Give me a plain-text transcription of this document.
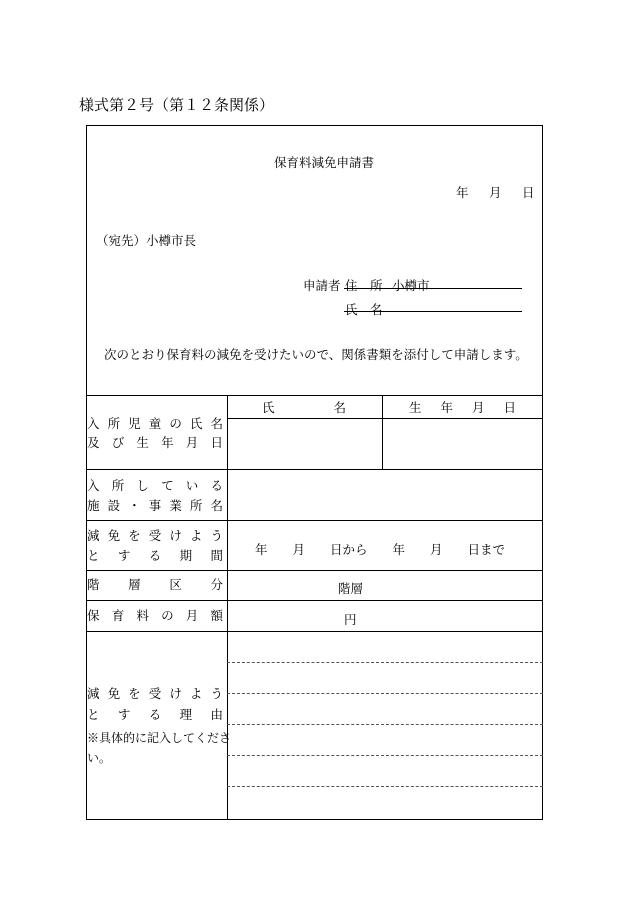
様式第２号（第１２条関係）
保育料減免申請書
年 月 日
（宛先）小樽市長
申請者 住　所 小樽市
氏　名
次のとおり保育料の減免を受けたいので、関係書類を添付して申請します。
入 所 児 童 の 氏 名
及 び 生 年 月 日
氏	名	生 年 月 日
入 所 し て い る
施 設 ・ 事 業 所 名
減 免 を 受 け よ う
と す る 期 間	年　　月　　日から　　年　　月　　日まで
階 層 区 分	階層
保 育 料 の 月 額	円
減 免 を 受 け よ う
と す る 理 由
※具体的に記入してくださ
い。
